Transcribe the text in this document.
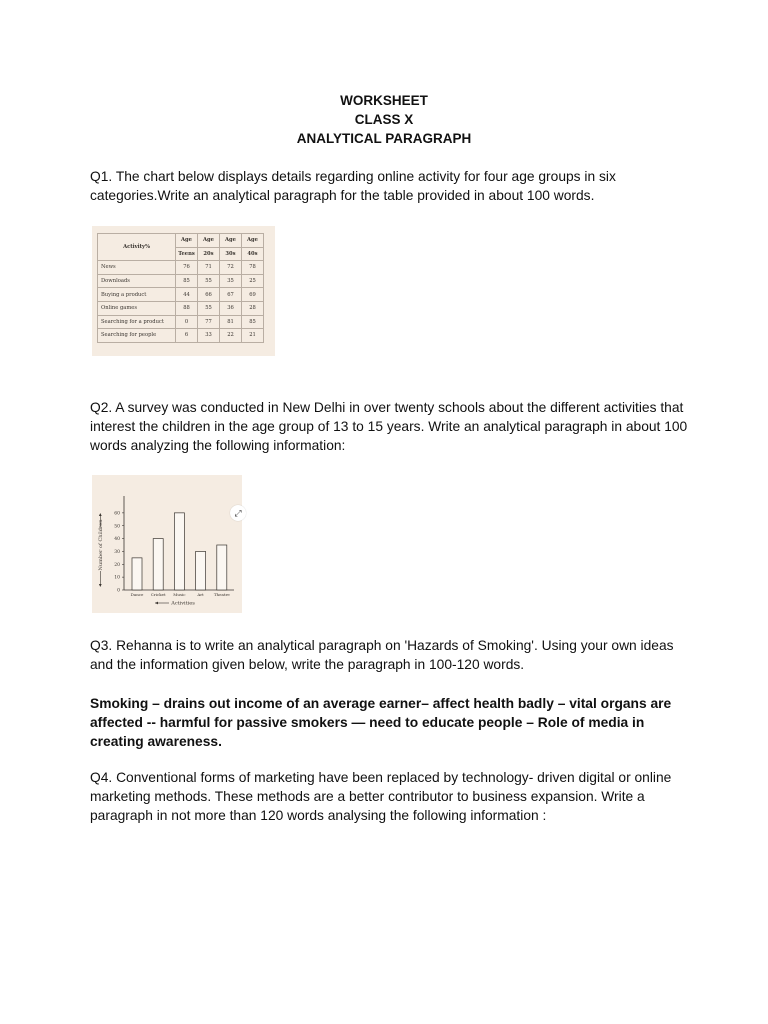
WORKSHEET
CLASS X
ANALYTICAL PARAGRAPH
Q1. The chart below displays details regarding online activity for four age groups in six categories.Write an analytical paragraph for the table provided in about 100 words.
Activity%	Age	Age	Age	Age
	Teens	20s	30s	40s
News	76	71	72	78
Downloads	85	55	35	25
Buying a product	44	66	67	69
Online games	88	55	36	28
Searching for a product	0	77	81	85
Searching for people	6	33	22	21
Q2. A survey was conducted in New Delhi in over twenty schools about the different activities that interest the children in the age group of 13 to 15 years. Write an analytical paragraph in about 100 words analyzing the following information:
0
10
20
30
40
50
60
Dance Cricket Music	Art	Theatre
Activities
Number of Children
⤢
Q3. Rehanna is to write an analytical paragraph on 'Hazards of Smoking'. Using your own ideas and the information given below, write the paragraph in 100-120 words.
Smoking – drains out income of an average earner– affect health badly – vital organs are affected -- harmful for passive smokers — need to educate people – Role of media in creating awareness.
Q4. Conventional forms of marketing have been replaced by technology- driven digital or online marketing methods. These methods are a better contributor to business expansion. Write a paragraph in not more than 120 words analysing the following information :
